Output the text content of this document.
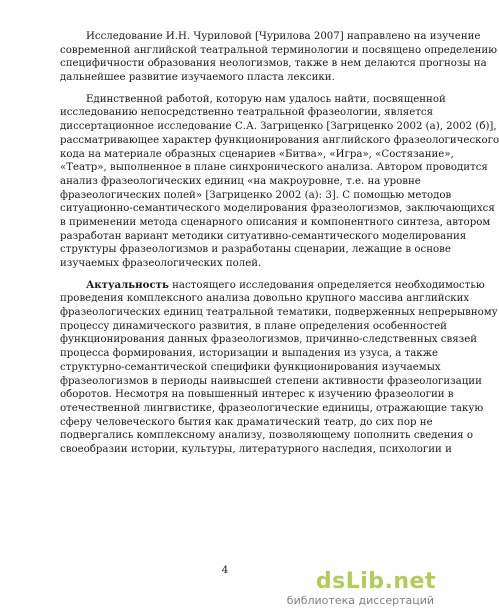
Исследование И.Н. Чуриловой [Чурилова 2007] направлено на изучение
современной английской театральной терминологии и посвящено определению
специфичности образования неологизмов, также в нем делаются прогнозы на
дальнейшее развитие изучаемого пласта лексики.
Единственной работой, которую нам удалось найти, посвященной
исследованию непосредственно театральной фразеологии, является
диссертационное исследование С.А. Загриценко [Загриценко 2002 (а), 2002 (б)],
рассматривающее характер функционирования английского фразеологического
кода на материале образных сценариев «Битва», «Игра», «Состязание»,
«Театр», выполненное в плане синхронического анализа. Автором проводится
анализ фразеологических единиц «на макроуровне, т.е. на уровне
фразеологических полей» [Загриценко 2002 (а): 3]. С помощью методов
ситуационно-семантического моделирования фразеологизмов, заключающихся
в применении метода сценарного описания и компонентного синтеза, автором
разработан вариант методики ситуативно-семантического моделирования
структуры фразеологизмов и разработаны сценарии, лежащие в основе
изучаемых фразеологических полей.
Актуальность настоящего исследования определяется необходимостью
проведения комплексного анализа довольно крупного массива английских
фразеологических единиц театральной тематики, подверженных непрерывному
процессу динамического развития, в плане определения особенностей
функционирования данных фразеологизмов, причинно-следственных связей
процесса формирования, историзации и выпадения из узуса, а также
структурно-семантической специфики функционирования изучаемых
фразеологизмов в периоды наивысшей степени активности фразеологизации
оборотов. Несмотря на повышенный интерес к изучению фразеологии в
отечественной лингвистике, фразеологические единицы, отражающие такую
сферу человеческого бытия как драматический театр, до сих пор не
подвергались комплексному анализу, позволяющему пополнить сведения о
своеобразии истории, культуры, литературного наследия, психологии и
4	dsLib.net
библиотека диссертаций
